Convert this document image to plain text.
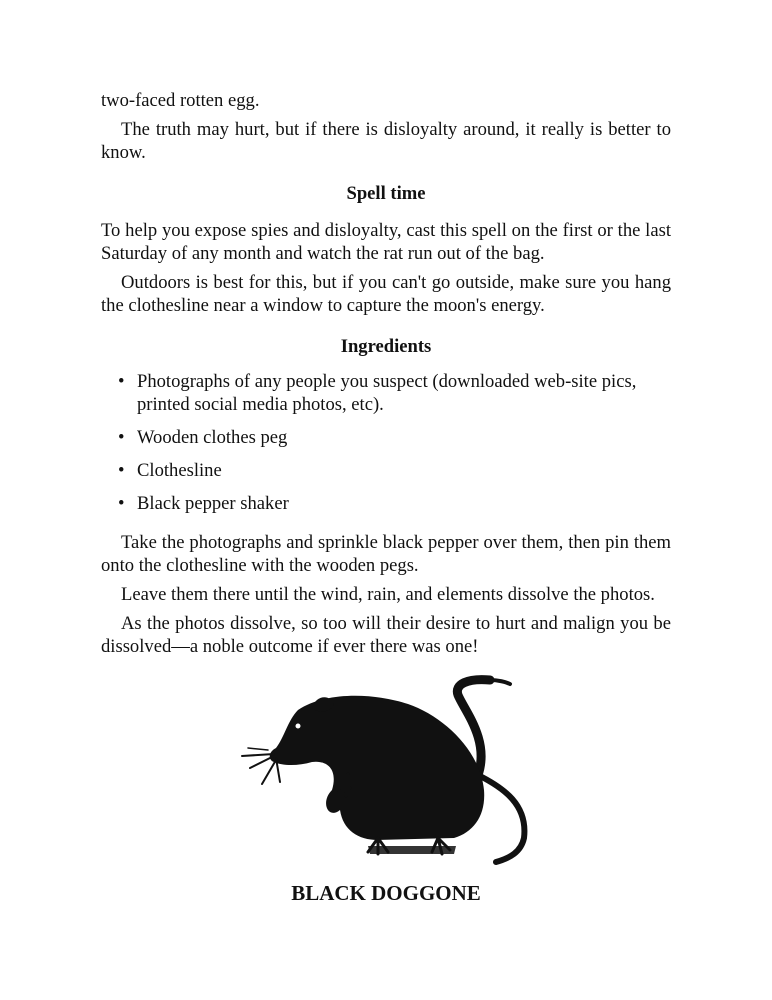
two-faced rotten egg.

The truth may hurt, but if there is disloyalty around, it really is better to know.

Spell time

To help you expose spies and disloyalty, cast this spell on the first or the last Saturday of any month and watch the rat run out of the bag.

Outdoors is best for this, but if you can't go outside, make sure you hang the clothesline near a window to capture the moon's energy.

Ingredients
• Photographs of any people you suspect (downloaded web-site pics, printed social media photos, etc).
• Wooden clothes peg
• Clothesline
• Black pepper shaker

Take the photographs and sprinkle black pepper over them, then pin them onto the clothesline with the wooden pegs.

Leave them there until the wind, rain, and elements dissolve the photos.

As the photos dissolve, so too will their desire to hurt and malign you be dissolved—a noble outcome if ever there was one!

BLACK DOGGONE
